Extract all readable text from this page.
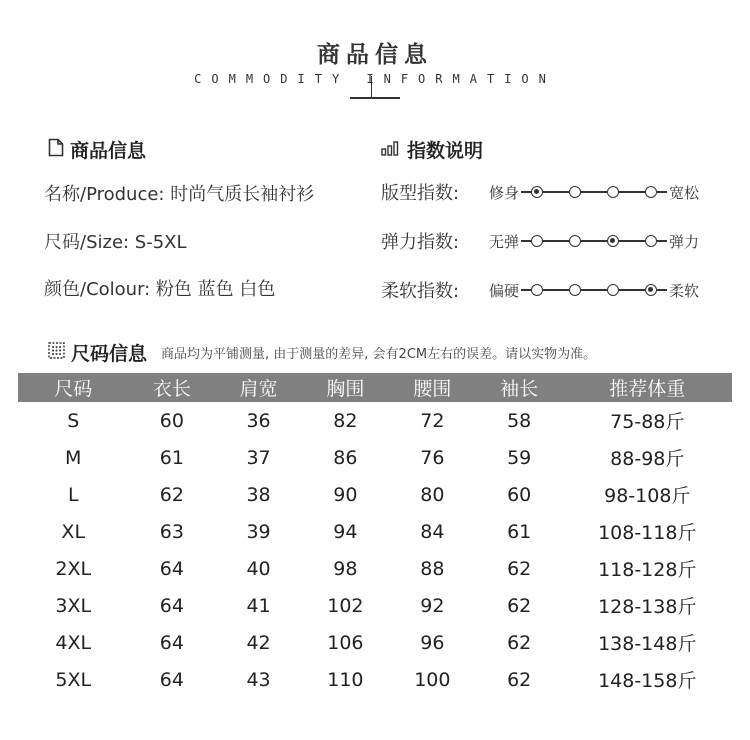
商品信息
COMMODITY INFORMATION
商品信息
名称/Produce: 时尚气质长袖衬衫
尺码/Size: S-5XL
颜色/Colour: 粉色 蓝色 白色
指数说明
版型指数:	修身	宽松
弹力指数:	无弹	弹力
柔软指数:	偏硬	柔软
尺码信息 商品均为平铺测量, 由于测量的差异, 会有2CM左右的误差。请以实物为准。
尺码	衣长	肩宽	胸围	腰围	袖长	推荐体重
S	60	36	82	72	58	75-88斤
M	61	37	86	76	59	88-98斤
L	62	38	90	80	60	98-108斤
XL	63	39	94	84	61	108-118斤
2XL	64	40	98	88	62	118-128斤
3XL	64	41	102	92	62	128-138斤
4XL	64	42	106	96	62	138-148斤
5XL	64	43	110	100	62	148-158斤
